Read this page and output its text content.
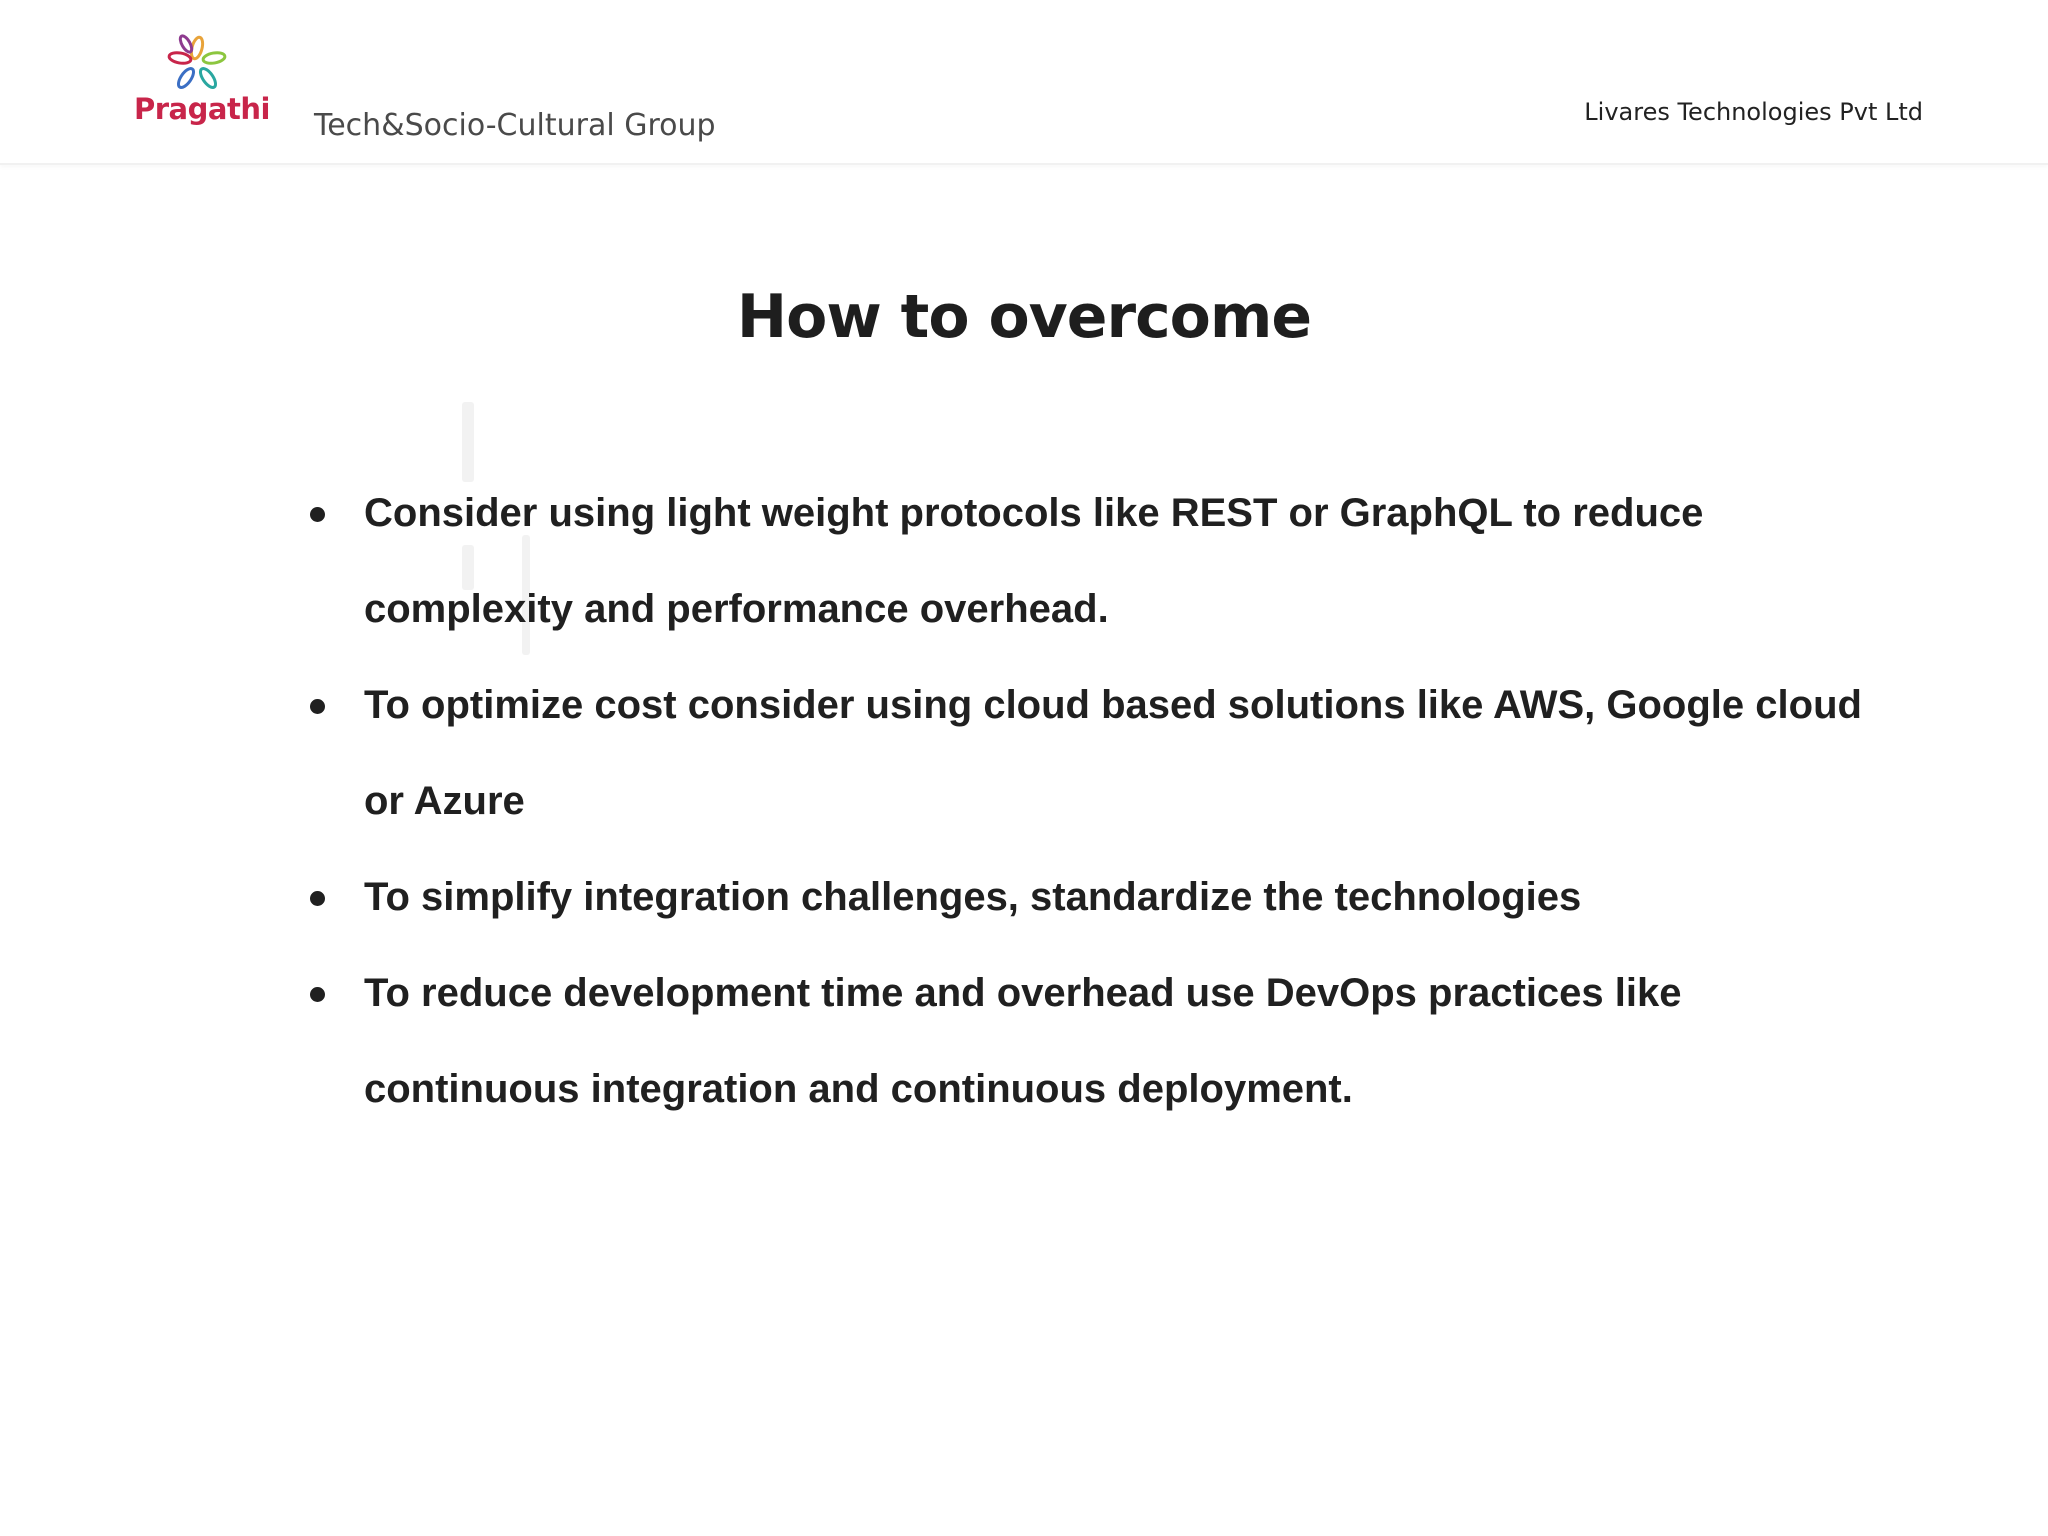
Pragathi Tech&Socio-Cultural Group	Livares Technologies Pvt Ltd
How to overcome
Consider using light weight protocols like REST or GraphQL to reduce complexity and performance overhead.
To optimize cost consider using cloud based solutions like AWS, Google cloud or Azure
To simplify integration challenges, standardize the technologies
To reduce development time and overhead use DevOps practices like continuous integration and continuous deployment.
